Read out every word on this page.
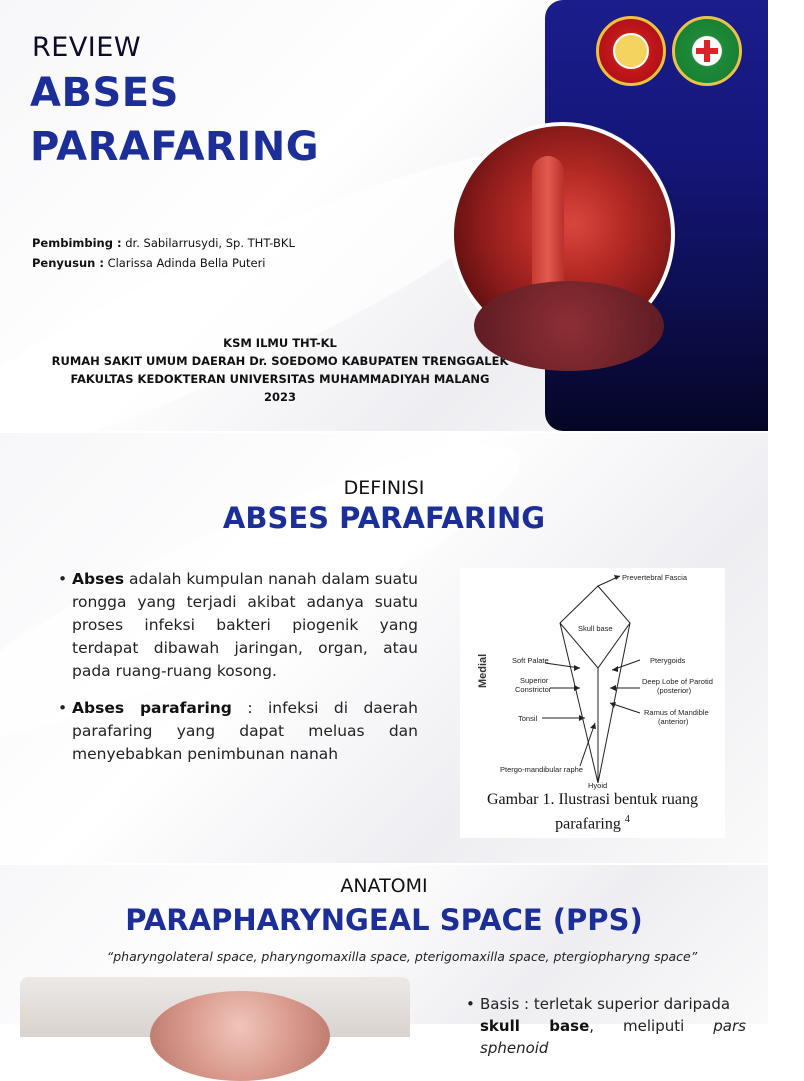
REVIEW
ABSES
PARAFARING
Pembimbing : dr. Sabilarrusydi, Sp. THT-BKL
Penyusun : Clarissa Adinda Bella Puteri
KSM ILMU THT-KL
RUMAH SAKIT UMUM DAERAH Dr. SOEDOMO KABUPATEN TRENGGALEK
FAKULTAS KEDOKTERAN UNIVERSITAS MUHAMMADIYAH MALANG
2023
DEFINISI
ABSES PARAFARING
• Abses adalah kumpulan nanah dalam suatu rongga yang terjadi akibat adanya suatu proses infeksi bakteri piogenik yang terdapat dibawah jaringan, organ, atau pada ruang-ruang kosong.
• Abses parafaring : infeksi di daerah parafaring yang dapat meluas dan menyebabkan penimbunan nanah
Medial
Prevertebral Fascia
Skull base
Soft Palate	Pterygoids
Superior
Constrictor
Deep Lobe of Parotid
(posterior)
Tonsil
Ramus of Mandible
(anterior)
Ptergo-mandibular raphe
Hyoid
Gambar 1. Ilustrasi bentuk ruang
parafaring $^4$
ANATOMI
PARAPHARYNGEAL SPACE (PPS)
“pharyngolateral space, pharyngomaxilla space, pterigomaxilla space, ptergiopharyng space”
• Basis : terletak superior daripada
skull base, meliputi pars sphenoid
